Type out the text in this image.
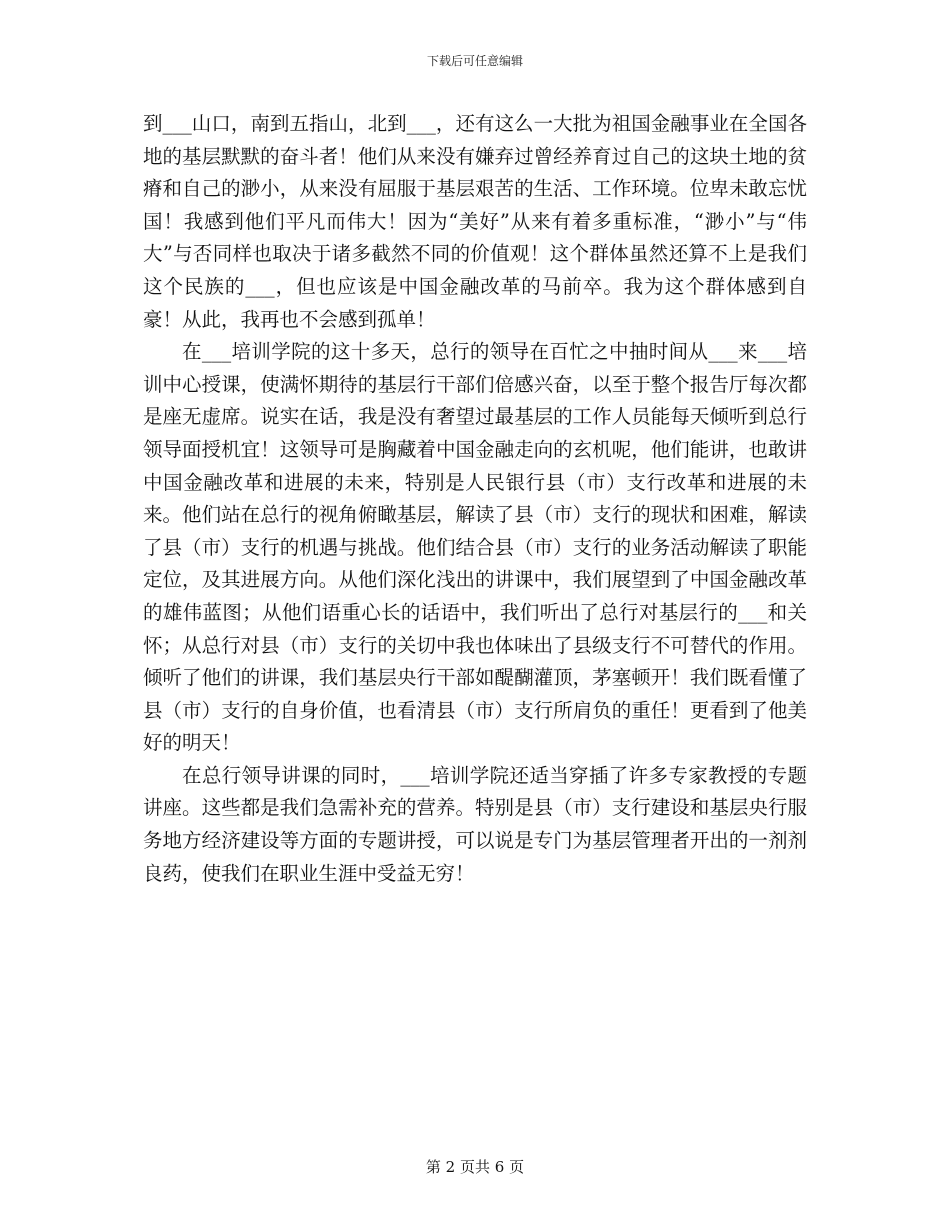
下载后可任意编辑

到___山口，南到五指山，北到___，还有这么一大批为祖国金融事业在全国各地的基层默默的奋斗者！他们从来没有嫌弃过曾经养育过自己的这块土地的贫瘠和自己的渺小，从来没有屈服于基层艰苦的生活、工作环境。位卑未敢忘忧国！我感到他们平凡而伟大！因为“美好”从来有着多重标准，“渺小”与“伟大”与否同样也取决于诸多截然不同的价值观！这个群体虽然还算不上是我们这个民族的___，但也应该是中国金融改革的马前卒。我为这个群体感到自豪！从此，我再也不会感到孤单！

在___培训学院的这十多天，总行的领导在百忙之中抽时间从___来___培训中心授课，使满怀期待的基层行干部们倍感兴奋，以至于整个报告厅每次都是座无虚席。说实在话，我是没有奢望过最基层的工作人员能每天倾听到总行领导面授机宜！这领导可是胸藏着中国金融走向的玄机呢，他们能讲，也敢讲中国金融改革和进展的未来，特别是人民银行县（市）支行改革和进展的未来。他们站在总行的视角俯瞰基层，解读了县（市）支行的现状和困难，解读了县（市）支行的机遇与挑战。他们结合县（市）支行的业务活动解读了职能定位，及其进展方向。从他们深化浅出的讲课中，我们展望到了中国金融改革的雄伟蓝图；从他们语重心长的话语中，我们听出了总行对基层行的___和关怀；从总行对县（市）支行的关切中我也体味出了县级支行不可替代的作用。倾听了他们的讲课，我们基层央行干部如醍醐灌顶，茅塞顿开！我们既看懂了县（市）支行的自身价值，也看清县（市）支行所肩负的重任！更看到了他美好的明天！

在总行领导讲课的同时，___培训学院还适当穿插了许多专家教授的专题讲座。这些都是我们急需补充的营养。特别是县（市）支行建设和基层央行服务地方经济建设等方面的专题讲授，可以说是专门为基层管理者开出的一剂剂良药，使我们在职业生涯中受益无穷！

第 2 页共 6 页
